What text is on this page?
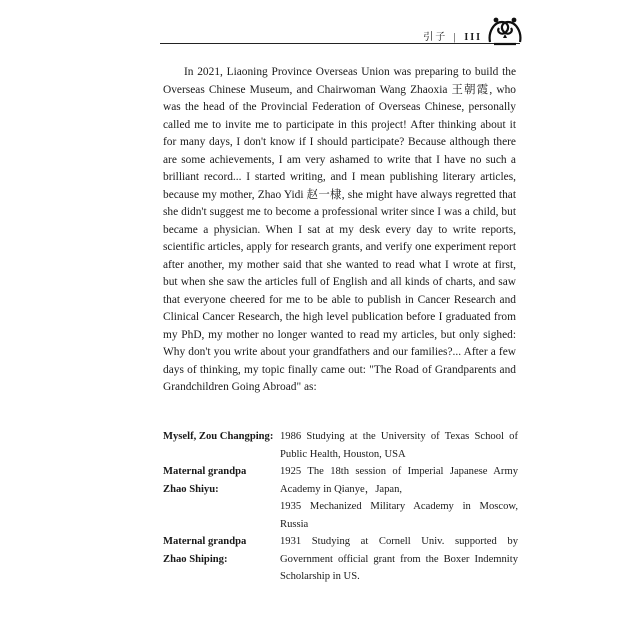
引子 | III

In 2021, Liaoning Province Overseas Union was preparing to build the Overseas Chinese Museum, and Chairwoman Wang Zhaoxia 王朝霞, who was the head of the Provincial Federation of Overseas Chinese, personally called me to invite me to participate in this project! After thinking about it for many days, I don't know if I should participate? Because although there are some achievements, I am very ashamed to write that I have no such a brilliant record... I started writing, and I mean publishing literary articles, because my mother, Zhao Yidi 赵一棣, she might have always regretted that she didn't suggest me to become a professional writer since I was a child, but became a physician. When I sat at my desk every day to write reports, scientific articles, apply for research grants, and verify one experiment report after another, my mother said that she wanted to read what I wrote at first, but when she saw the articles full of English and all kinds of charts, and saw that everyone cheered for me to be able to publish in Cancer Research and Clinical Cancer Research, the high level publication before I graduated from my PhD, my mother no longer wanted to read my articles, but only sighed: Why don't you write about your grandfathers and our families?... After a few days of thinking, my topic finally came out: "The Road of Grandparents and Grandchildren Going Abroad" as:

Myself, Zou Changping: 1986 Studying at the University of Texas School of Public Health, Houston, USA
Maternal grandpa
Zhao Shiyu:
1925 The 18th session of Imperial Japanese Army Academy in Qianye，Japan,
1935 Mechanized Military Academy in Moscow, Russia
Maternal grandpa
Zhao Shiping:
1931 Studying at Cornell Univ. supported by Government official grant from the Boxer Indemnity Scholarship in US.
